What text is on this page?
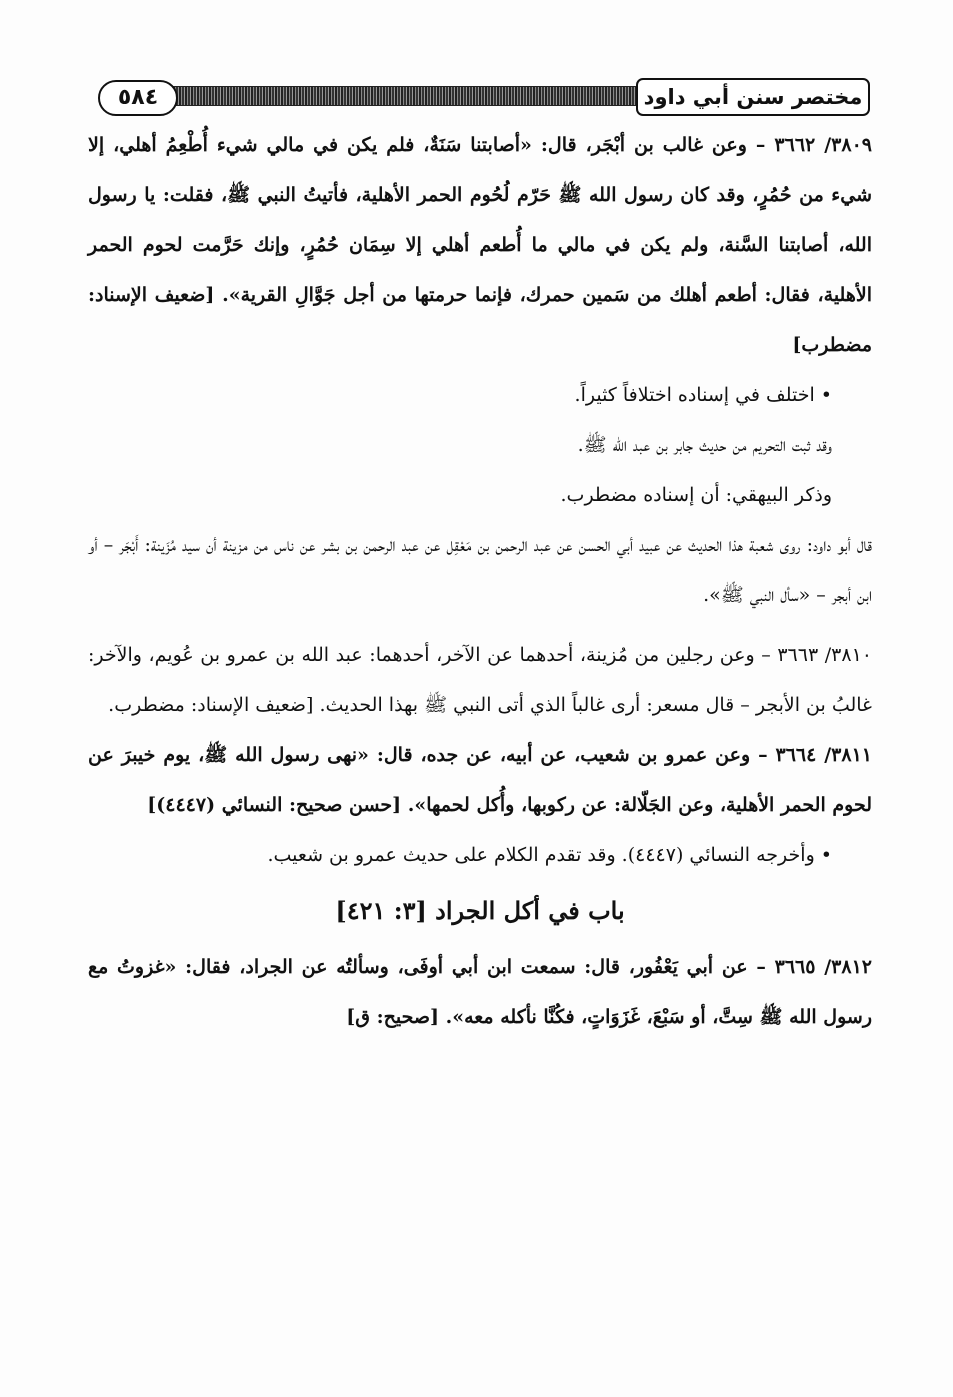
٥٨٤	مختصر سنن أبي داود

٣٨٠٩/ ٣٦٦٢ – وعن غالب بن أبْجَر، قال: «أصابتنا سَنَةٌ، فلم يكن في مالي شيء أُطْعِمُ أهلي، إلا شيء من حُمُرٍ، وقد كان رسول الله ﷺ حَرّم لُحُوم الحمر الأهلية، فأتيتُ النبي ﷺ، فقلت: يا رسول الله، أصابتنا السَّنة، ولم يكن في مالي ما أُطعم أهلي إلا سِمَان حُمُرٍ، وإنك حَرَّمت لحوم الحمر الأهلية، فقال: أطعم أهلك من سَمين حمرك، فإنما حرمتها من أجل جَوَّالِ القرية». [ضعيف الإسناد: مضطرب]

• اختلف في إسناده اختلافاً كثيراً.

وقد ثبت التحريم من حديث جابر بن عبد الله ﷺ.

وذكر البيهقي: أن إسناده مضطرب.

قال أبو داود: روى شعبة هذا الحديث عن عبيد أبي الحسن عن عبد الرحمن بن مَعْقِل عن عبد الرحمن بن بشر عن ناس من مزينة أن سيد مُزَينة: أَبْجَر – أو ابن أبجر – «سأل النبي ﷺ».

٣٨١٠/ ٣٦٦٣ – وعن رجلين من مُزينة، أحدهما عن الآخر، أحدهما: عبد الله بن عمرو بن عُويم، والآخر: غالبُ بن الأبجر – قال مسعر: أرى غالباً الذي أتى النبي ﷺ بهذا الحديث. [ضعيف الإسناد: مضطرب.

٣٨١١/ ٣٦٦٤ – وعن عمرو بن شعيب، عن أبيه، عن جده، قال: «نهى رسول الله ﷺ، يوم خيبرَ عن لحوم الحمر الأهلية، وعن الجَلّالة: عن ركوبها، وأُكل لحمها». [حسن صحيح: النسائي (٤٤٤٧)]

• وأخرجه النسائي (٤٤٤٧). وقد تقدم الكلام على حديث عمرو بن شعيب.

باب في أكل الجراد [٣: ٤٢١]

٣٨١٢/ ٣٦٦٥ – عن أبي يَعْفُور، قال: سمعت ابن أبي أوفَى، وسألتُه عن الجراد، فقال: «غزوتُ مع رسول الله ﷺ سِتَّ، أو سَبْعَ، غَزَوَاتٍ، فكُنَّا نأكله معه». [صحيح: ق]
